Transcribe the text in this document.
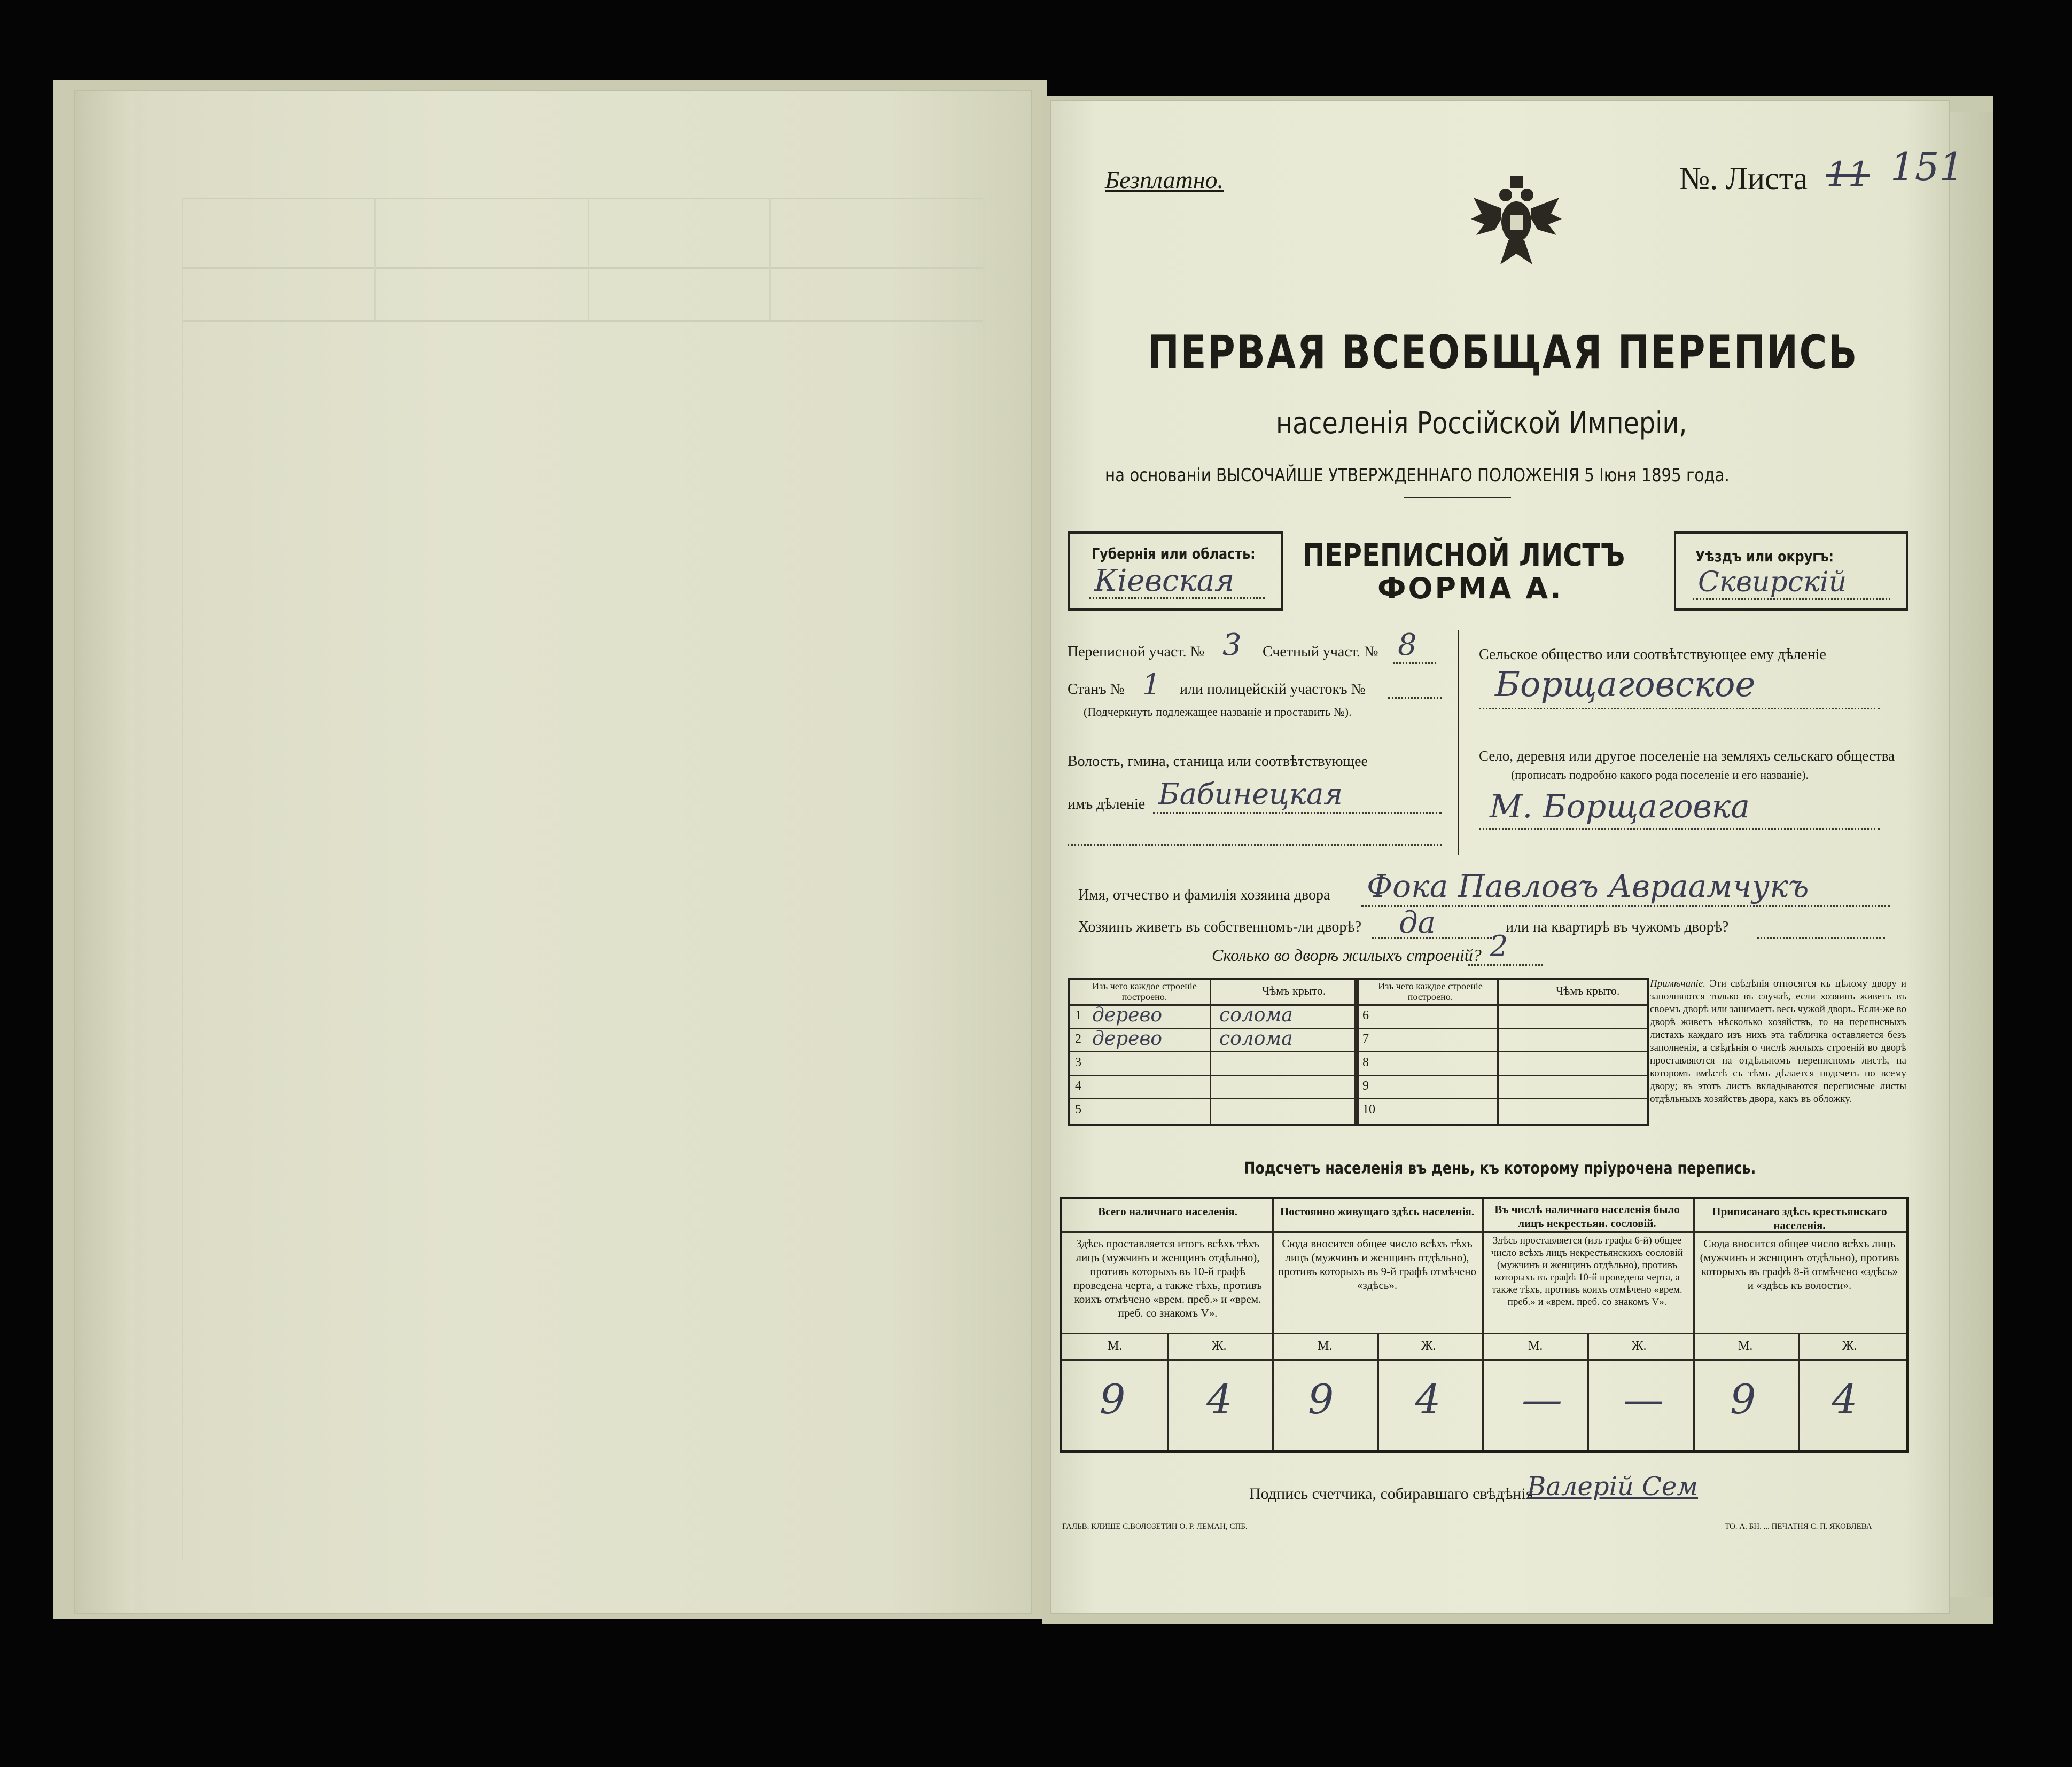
Безплатно.	№. Листа 11 151
ПЕРВАЯ ВСЕОБЩАЯ ПЕРЕПИСЬ
населенія Россійской Имперіи,
на основаніи ВЫСОЧАЙШЕ УТВЕРЖДЕННАГО ПОЛОЖЕНІЯ 5 Іюня 1895 года.
Губернія или область:
Кіевская
ПЕРЕПИСНОЙ ЛИСТЪ
ФОРМА А.
Уѣздъ или округъ:
Сквирскій
Переписной участ. № 3 Счетный участ. № 8
Станъ № 1 или полицейскій участокъ №
(Подчеркнуть подлежащее названіе и проставить №).
Волость, гмина, станица или соотвѣтствующее
имъ дѣленіе Бабинецкая
Сельское общество или соотвѣтствующее ему дѣленіе
Борщаговское
Село, деревня или другое поселеніе на земляхъ сельскаго общества
(прописать подробно какого рода поселеніе и его названіе).
М. Борщаговка
Имя, отчество и фамилія хозяина двора Фока Павловъ Авраамчукъ
Хозяинъ живетъ въ собственномъ-ли дворѣ? да	или на квартирѣ въ чужомъ дворѣ?
Сколько во дворѣ жилыхъ строеній? 2
Изъ чего каждое строеніе построено.	Чѣмъ крыто.
1 дерево	солома
2 дерево	солома
3
4
5
Изъ чего каждое строеніе построено.	Чѣмъ крыто.
6
7
8
9
10
Примѣчаніе. Эти свѣдѣнія относятся къ цѣлому двору и заполняются только въ случаѣ, если хозяинъ живетъ въ своемъ дворѣ или занимаетъ весь чужой дворъ. Если-же во дворѣ живетъ нѣсколько хозяйствъ, то на переписныхъ листахъ каждаго изъ нихъ эта табличка оставляется безъ заполненія, а свѣдѣнія о числѣ жилыхъ строеній во дворѣ проставляются на отдѣльномъ переписномъ листѣ, на которомъ вмѣстѣ съ тѣмъ дѣлается подсчетъ по всему двору; въ этотъ листъ вкладываются переписные листы отдѣльныхъ хозяйствъ двора, какъ въ обложку.
Подсчетъ населенія въ день, къ которому пріурочена перепись.
Всего наличнаго населенія.
Здѣсь проставляется итогъ всѣхъ тѣхъ лицъ (мужчинъ и женщинъ отдѣльно), противъ которыхъ въ 10-й графѣ проведена черта, а также тѣхъ, противъ коихъ отмѣчено «врем. преб.» и «врем. преб. со знакомъ V».
М.	Ж.
9 4
Постоянно живущаго здѣсь населенія.
Сюда вносится общее число всѣхъ тѣхъ лицъ (мужчинъ и женщинъ отдѣльно), противъ которыхъ въ 9-й графѣ отмѣчено «здѣсь».
М.	Ж.
9 4
Въ числѣ наличнаго населенія было лицъ некрестьян. сословій.
Здѣсь проставляется (изъ графы 6-й) общее число всѣхъ лицъ некрестьянскихъ сословій (мужчинъ и женщинъ отдѣльно), противъ которыхъ въ графѣ 10-й проведена черта, а также тѣхъ, противъ коихъ отмѣчено «врем. преб.» и «врем. преб. со знакомъ V».
М.	Ж.
— —
Приписанаго здѣсь крестьянскаго населенія.
Сюда вносится общее число всѣхъ лицъ (мужчинъ и женщинъ отдѣльно), противъ которыхъ въ графѣ 8-й отмѣчено «здѣсь» и «здѣсь къ волости».
М.	Ж.
9 4
Подпись счетчика, собиравшаго свѣдѣнія
Валерій Сем
ГАЛЬВ. КЛИШЕ С.ВОЛОЗЕТИН О. Р. ЛЕМАН, СПБ.	ТО. А. БН. ... ПЕЧАТНЯ С. П. ЯКОВЛЕВА
